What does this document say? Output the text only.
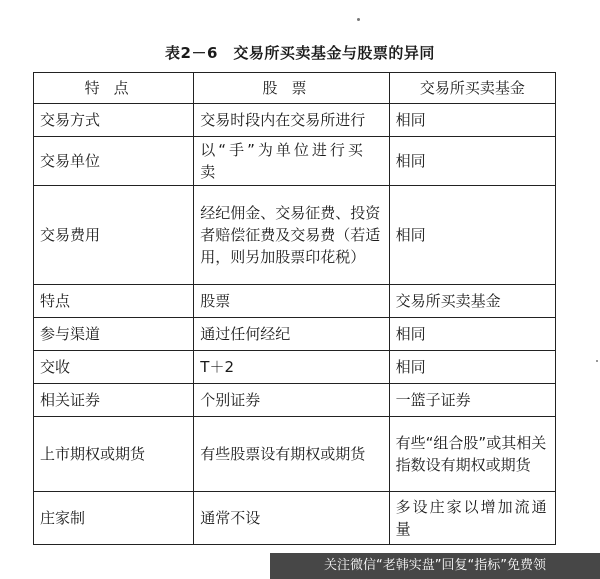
表2－6　交易所买卖基金与股票的异同
特点	股票	交易所买卖基金
交易方式	交易时段内在交易所进行	相同
交易单位	以“手”为单位进行买卖	相同
交易费用	经纪佣金、交易征费、投资者赔偿征费及交易费（若适用，则另加股票印花税）	相同
特点	股票	交易所买卖基金
参与渠道	通过任何经纪	相同
交收	T＋2	相同
相关证券	个别证券	一篮子证券
上市期权或期货	有些股票设有期权或期货	有些“组合股”或其相关指数设有期权或期货
庄家制	通常不设	多设庄家以增加流通量
关注微信“老韩实盘”回复“指标”免费领
